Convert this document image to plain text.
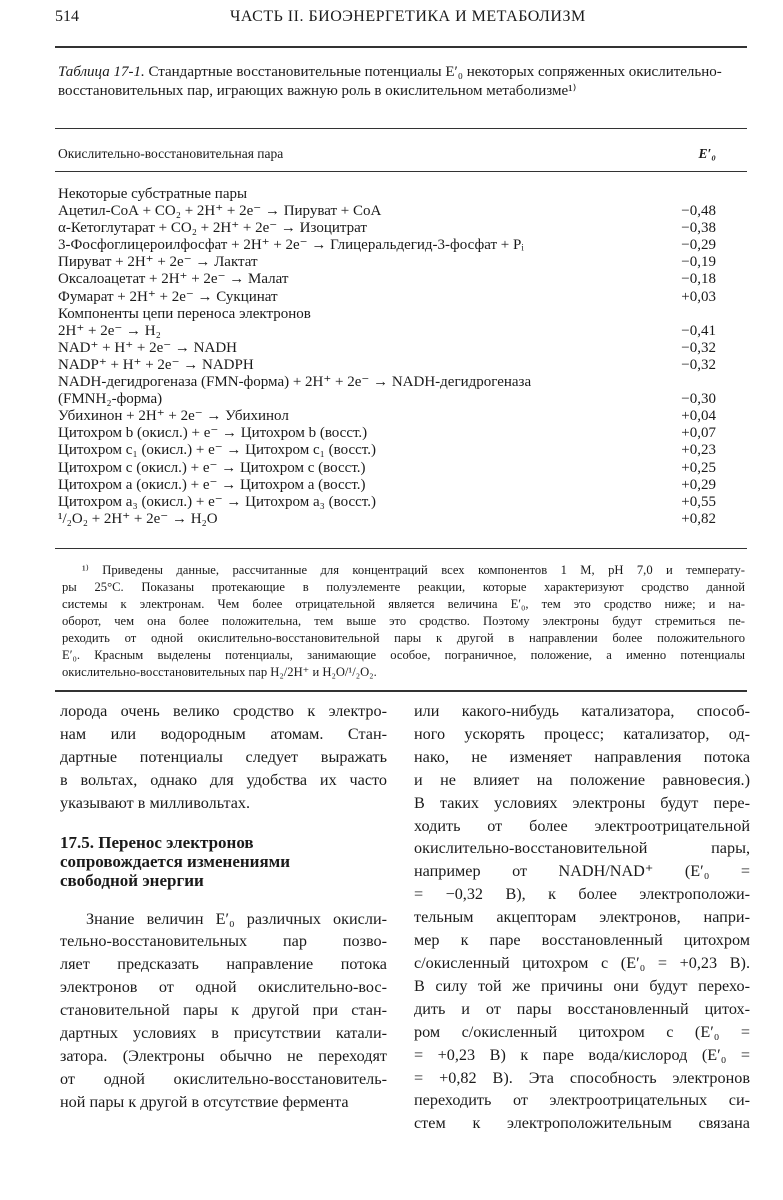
514	ЧАСТЬ II. БИОЭНЕРГЕТИКА И МЕТАБОЛИЗМ
Таблица 17-1. Стандартные восстановительные потенциалы E′₀ некоторых сопряженных окислительно-восстановительных пар, играющих важную роль в окислительном метаболизме¹⁾
Окислительно-восстановительная пара	E′₀
Некоторые субстратные пары
Ацетил-СоА + CO₂ + 2H⁺ + 2e⁻ → Пируват + СоА	−0,48
α-Кетоглутарат + CO₂ + 2H⁺ + 2e⁻ → Изоцитрат	−0,38
3-Фосфоглицероилфосфат + 2H⁺ + 2e⁻ → Глицеральдегид-3-фосфат + Pᵢ	−0,29
Пируват + 2H⁺ + 2e⁻ → Лактат	−0,19
Оксалоацетат + 2H⁺ + 2e⁻ → Малат	−0,18
Фумарат + 2H⁺ + 2e⁻ → Сукцинат	+0,03
Компоненты цепи переноса электронов
2H⁺ + 2e⁻ → H₂	−0,41
NAD⁺ + H⁺ + 2e⁻ → NADH	−0,32
NADP⁺ + H⁺ + 2e⁻ → NADPH	−0,32
NADH-дегидрогеназа (FMN-форма) + 2H⁺ + 2e⁻ → NADH-дегидрогеназа
(FMNH₂-форма)	−0,30
Убихинон + 2H⁺ + 2e⁻ → Убихинол	+0,04
Цитохром b (окисл.) + e⁻ → Цитохром b (восст.)	+0,07
Цитохром c₁ (окисл.) + e⁻ → Цитохром c₁ (восст.)	+0,23
Цитохром c (окисл.) + e⁻ → Цитохром c (восст.)	+0,25
Цитохром a (окисл.) + e⁻ → Цитохром a (восст.)	+0,29
Цитохром a₃ (окисл.) + e⁻ → Цитохром a₃ (восст.)	+0,55
¹/₂O₂ + 2H⁺ + 2e⁻ → H₂O	+0,82
¹⁾ Приведены данные, рассчитанные для концентраций всех компонентов 1 М, pH 7,0 и температу-
ры 25°С. Показаны протекающие в полуэлементе реакции, которые характеризуют сродство данной
системы к электронам. Чем более отрицательной является величина E′₀, тем это сродство ниже; и на-
оборот, чем она более положительна, тем выше это сродство. Поэтому электроны будут стремиться пе-
реходить от одной окислительно-восстановительной пары к другой в направлении более положительного
E′₀. Красным выделены потенциалы, занимающие особое, пограничное, положение, а именно потенциалы
окислительно-восстановительных пар H₂/2H⁺ и H₂O/¹/₂O₂.
лорода очень велико сродство к электро-
нам или водородным атомам. Стан-
дартные потенциалы следует выражать
в вольтах, однако для удобства их часто
указывают в милливольтах.
17.5. Перенос электронов
сопровождается изменениями
свободной энергии
Знание величин E′₀ различных окисли-
тельно-восстановительных пар позво-
ляет предсказать направление потока
электронов от одной окислительно-вос-
становительной пары к другой при стан-
дартных условиях в присутствии катали-
затора. (Электроны обычно не переходят
от одной окислительно-восстановитель-
ной пары к другой в отсутствие фермента
или какого-нибудь катализатора, способ-
ного ускорять процесс; катализатор, од-
нако, не изменяет направления потока
и не влияет на положение равновесия.)
В таких условиях электроны будут пере-
ходить от более электроотрицательной
окислительно-восстановительной пары,
например от NADH/NAD⁺ (E′₀ =
= −0,32 В), к более электроположи-
тельным акцепторам электронов, напри-
мер к паре восстановленный цитохром
c/окисленный цитохром c (E′₀ = +0,23 В).
В силу той же причины они будут перехо-
дить и от пары восстановленный цитох-
ром c/окисленный цитохром c (E′₀ =
= +0,23 В) к паре вода/кислород (E′₀ =
= +0,82 В). Эта способность электронов
переходить от электроотрицательных си-
стем к электроположительным связана
